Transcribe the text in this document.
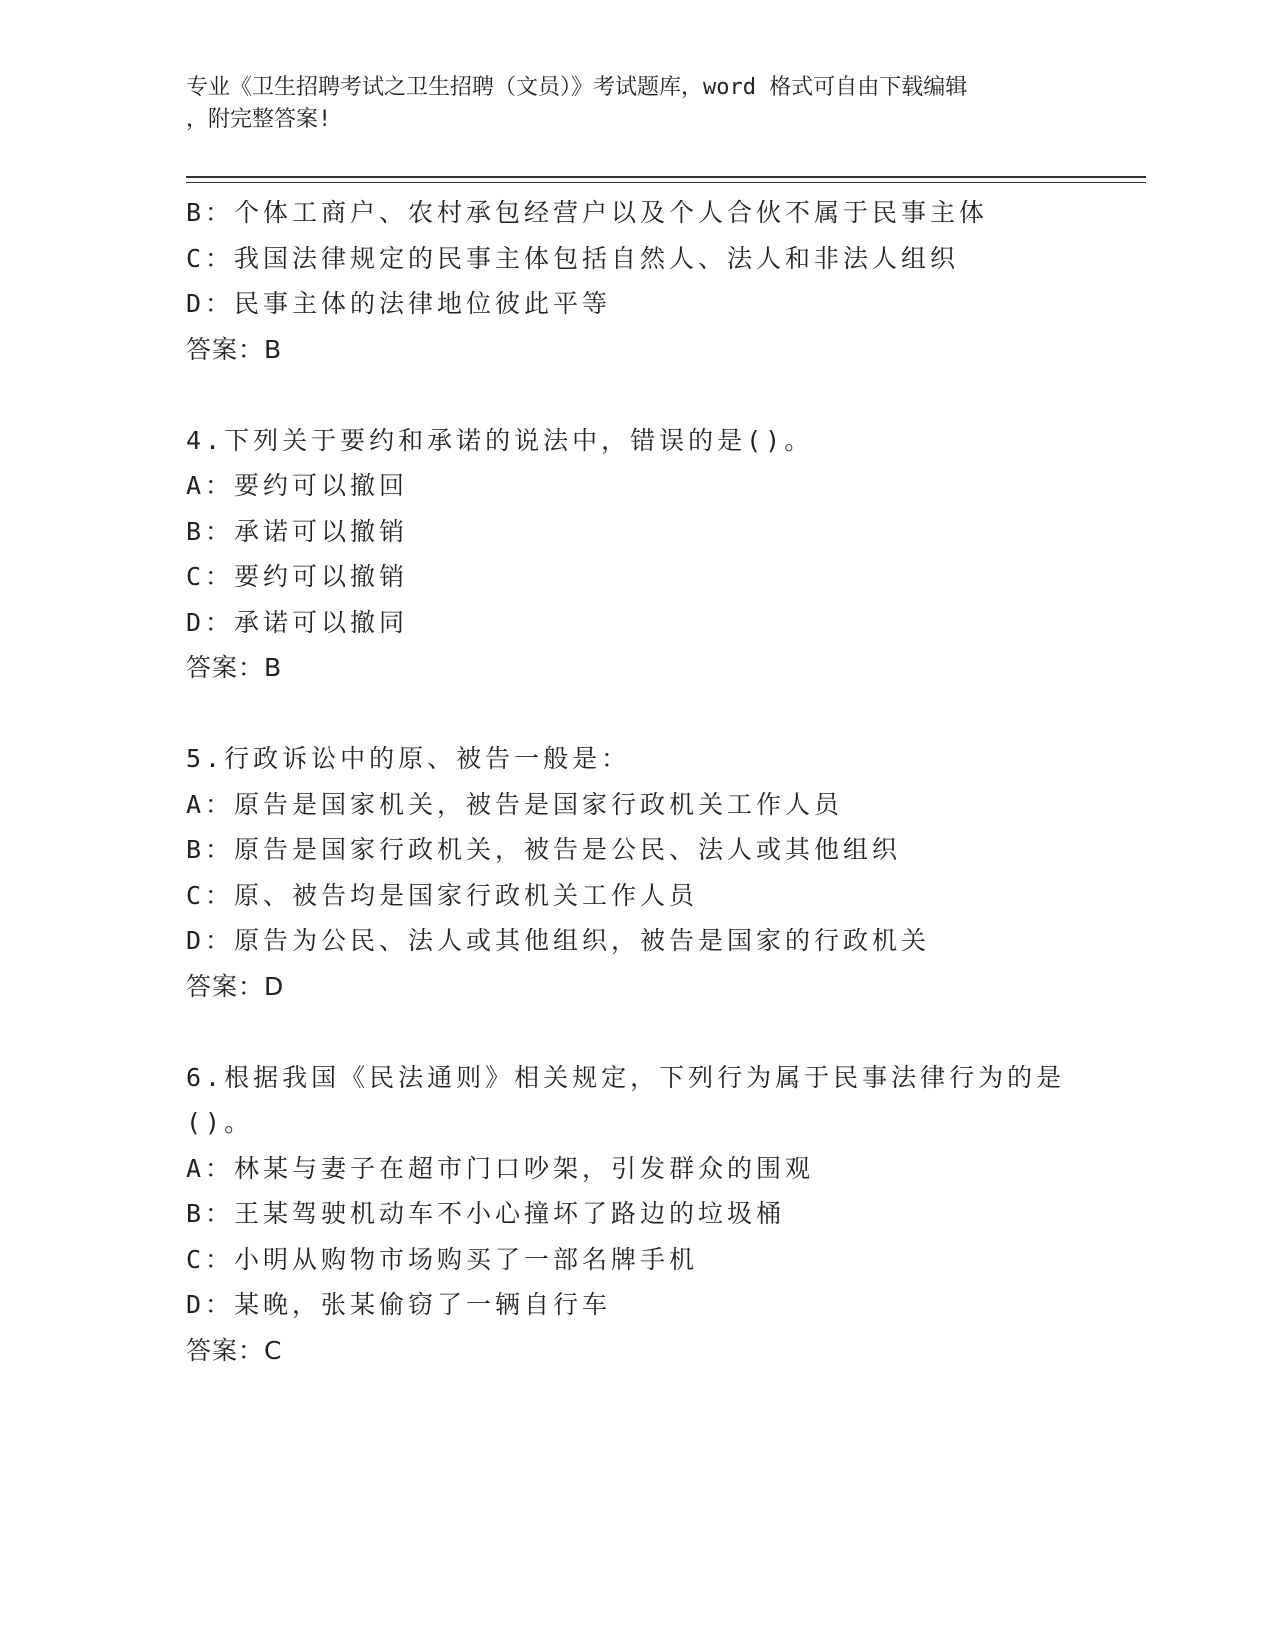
专业《卫生招聘考试之卫生招聘（文员）》考试题库，word 格式可自由下载编辑
，附完整答案!
B：个体工商户、农村承包经营户以及个人合伙不属于民事主体
C：我国法律规定的民事主体包括自然人、法人和非法人组织
D：民事主体的法律地位彼此平等
答案：B
4.下列关于要约和承诺的说法中，错误的是()。
A：要约可以撤回
B：承诺可以撤销
C：要约可以撤销
D：承诺可以撤同
答案：B
5.行政诉讼中的原、被告一般是：
A：原告是国家机关，被告是国家行政机关工作人员
B：原告是国家行政机关，被告是公民、法人或其他组织
C：原、被告均是国家行政机关工作人员
D：原告为公民、法人或其他组织，被告是国家的行政机关
答案：D
6.根据我国《民法通则》相关规定，下列行为属于民事法律行为的是
()。
A：林某与妻子在超市门口吵架，引发群众的围观
B：王某驾驶机动车不小心撞坏了路边的垃圾桶
C：小明从购物市场购买了一部名牌手机
D：某晚，张某偷窃了一辆自行车
答案：C
